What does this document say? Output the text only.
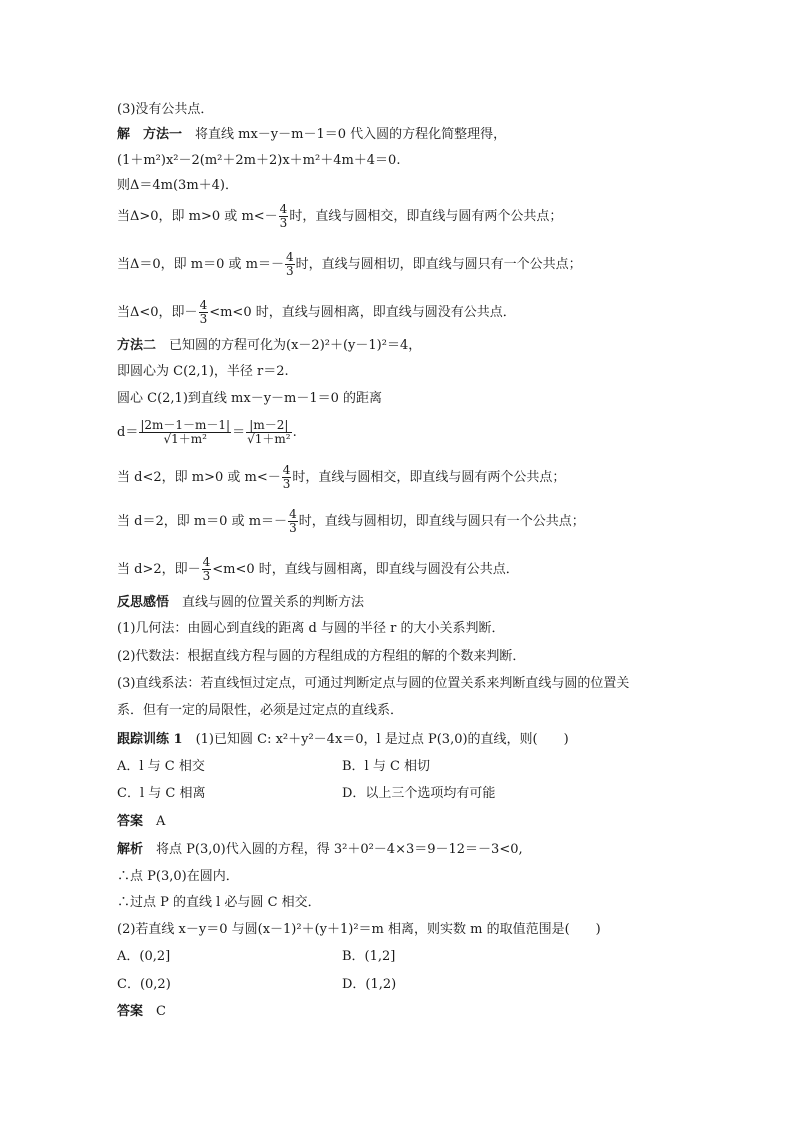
(3)没有公共点．
解　方法一　将直线 mx－y－m－1＝0 代入圆的方程化简整理得，
(1＋m²)x²－2(m²＋2m＋2)x＋m²＋4m＋4＝0.
则Δ＝4m(3m＋4)．
当Δ>0，即 m>0 或 $m<- \frac{4}{3}$ 时，直线与圆相交，即直线与圆有两个公共点；
当Δ＝0，即 m＝0 或 $m=- \frac{4}{3}$ 时，直线与圆相切，即直线与圆只有一个公共点；
当Δ<0，即－ $\frac{4}{3} <m<0$ 时，直线与圆相离，即直线与圆没有公共点．
方法二　已知圆的方程可化为(x－2)²＋(y－1)²＝4，
即圆心为 C(2,1)，半径 r＝2.
圆心 C(2,1)到直线 mx－y－m－1＝0 的距离
$d= \frac{|2m-1-m-1|}{\text{√1＋m²}} = \frac{|m-2|}{\text{√1＋m²}}$ .
当 d<2，即 m>0 或 $m<- \frac{4}{3}$ 时，直线与圆相交，即直线与圆有两个公共点；
当 d＝2，即 m＝0 或 $m=- \frac{4}{3}$ 时，直线与圆相切，即直线与圆只有一个公共点；
当 d>2，即－ $\frac{4}{3} <m<0$ 时，直线与圆相离，即直线与圆没有公共点．
反思感悟　直线与圆的位置关系的判断方法
(1)几何法：由圆心到直线的距离 d 与圆的半径 r 的大小关系判断．
(2)代数法：根据直线方程与圆的方程组成的方程组的解的个数来判断．
(3)直线系法：若直线恒过定点，可通过判断定点与圆的位置关系来判断直线与圆的位置关
系．但有一定的局限性，必须是过定点的直线系．
跟踪训练 1　(1)已知圆 C: x²＋y²－4x＝0，l 是过点 P(3,0)的直线，则(　　)
A．l 与 C 相交	B．l 与 C 相切
C．l 与 C 相离	D．以上三个选项均有可能
答案　A
解析　将点 P(3,0)代入圆的方程，得 3²＋0²－4×3＝9－12＝－3<0,
∴点 P(3,0)在圆内．
∴过点 P 的直线 l 必与圆 C 相交．
(2)若直线 x－y＝0 与圆(x－1)²＋(y＋1)²＝m 相离，则实数 m 的取值范围是(　　)
A．(0,2]	B．(1,2]
C．(0,2)	D．(1,2)
答案　C
